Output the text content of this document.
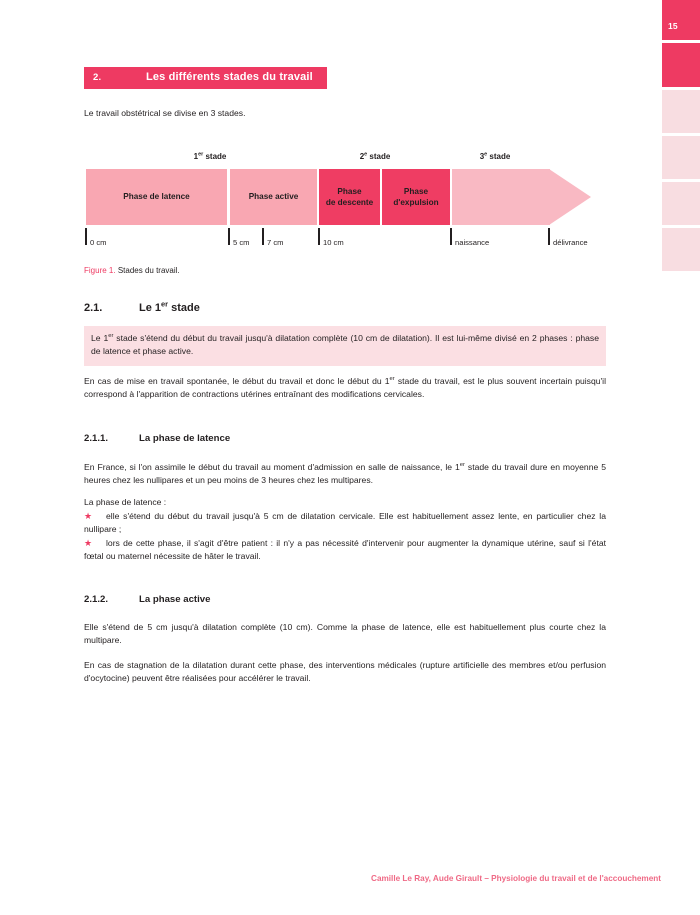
15
2.	Les différents stades du travail
Le travail obstétrical se divise en 3 stades.
1er stade	2e stade	3e stade
Phase de latence	Phase active
Phase
de descente
Phase
d'expulsion
0 cm	5 cm 7 cm	10 cm	naissance	délivrance
Figure 1. Stades du travail.
2.1.	Le 1er stade
Le 1er stade s'étend du début du travail jusqu'à dilatation complète (10 cm de dilatation). Il est lui-même divisé en 2 phases : phase de latence et phase active.
En cas de mise en travail spontanée, le début du travail et donc le début du 1er stade du travail, est le plus souvent incertain puisqu'il correspond à l'apparition de contractions utérines entraînant des modifications cervicales.
2.1.1.	La phase de latence
En France, si l'on assimile le début du travail au moment d'admission en salle de naissance, le 1er stade du travail dure en moyenne 5 heures chez les nullipares et un peu moins de 3 heures chez les multipares.
La phase de latence :
★	elle s'étend du début du travail jusqu'à 5 cm de dilatation cervicale. Elle est habituellement assez lente, en particulier chez la nullipare ;
★	lors de cette phase, il s'agit d'être patient : il n'y a pas nécessité d'intervenir pour augmenter la dynamique utérine, sauf si l'état fœtal ou maternel nécessite de hâter le travail.
2.1.2.	La phase active
Elle s'étend de 5 cm jusqu'à dilatation complète (10 cm). Comme la phase de latence, elle est habituellement plus courte chez la multipare.
En cas de stagnation de la dilatation durant cette phase, des interventions médicales (rupture artificielle des membres et/ou perfusion d'ocytocine) peuvent être réalisées pour accélérer le travail.
Camille Le Ray, Aude Girault – Physiologie du travail et de l'accouchement
